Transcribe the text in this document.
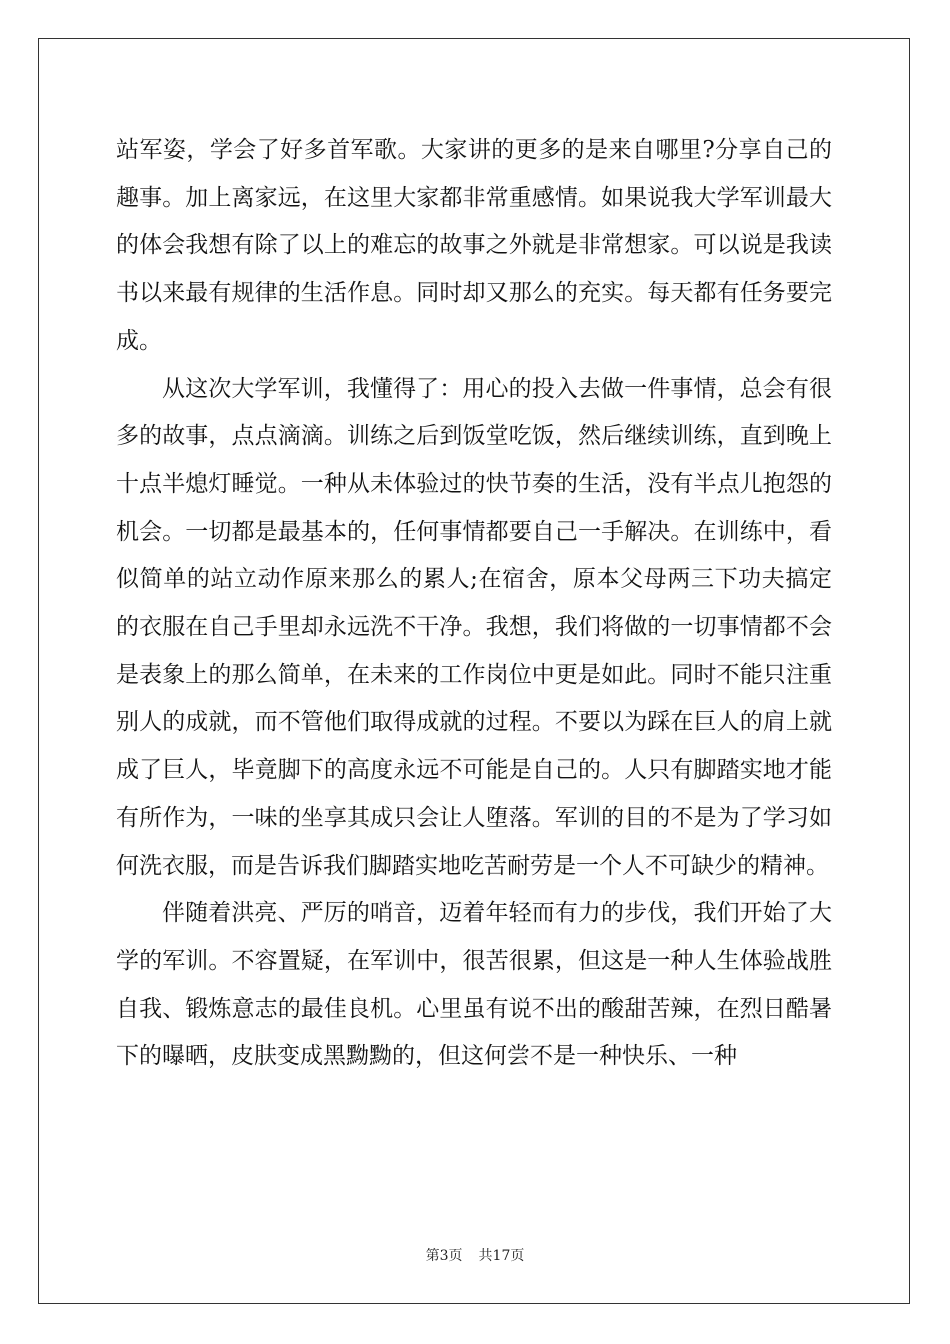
站军姿，学会了好多首军歌。大家讲的更多的是来自哪里?分享自己的趣事。加上离家远，在这里大家都非常重感情。如果说我大学军训最大的体会我想有除了以上的难忘的故事之外就是非常想家。可以说是我读书以来最有规律的生活作息。同时却又那么的充实。每天都有任务要完成。

从这次大学军训，我懂得了：用心的投入去做一件事情，总会有很多的故事，点点滴滴。训练之后到饭堂吃饭，然后继续训练，直到晚上十点半熄灯睡觉。一种从未体验过的快节奏的生活，没有半点儿抱怨的机会。一切都是最基本的，任何事情都要自己一手解决。在训练中，看似简单的站立动作原来那么的累人;在宿舍，原本父母两三下功夫搞定的衣服在自己手里却永远洗不干净。我想，我们将做的一切事情都不会是表象上的那么简单，在未来的工作岗位中更是如此。同时不能只注重别人的成就，而不管他们取得成就的过程。不要以为踩在巨人的肩上就成了巨人，毕竟脚下的高度永远不可能是自己的。人只有脚踏实地才能有所作为，一味的坐享其成只会让人堕落。军训的目的不是为了学习如何洗衣服，而是告诉我们脚踏实地吃苦耐劳是一个人不可缺少的精神。

伴随着洪亮、严厉的哨音，迈着年轻而有力的步伐，我们开始了大学的军训。不容置疑，在军训中，很苦很累，但这是一种人生体验战胜自我、锻炼意志的最佳良机。心里虽有说不出的酸甜苦辣，在烈日酷暑下的曝晒，皮肤变成黑黝黝的，但这何尝不是一种快乐、一种

第3页 共17页
